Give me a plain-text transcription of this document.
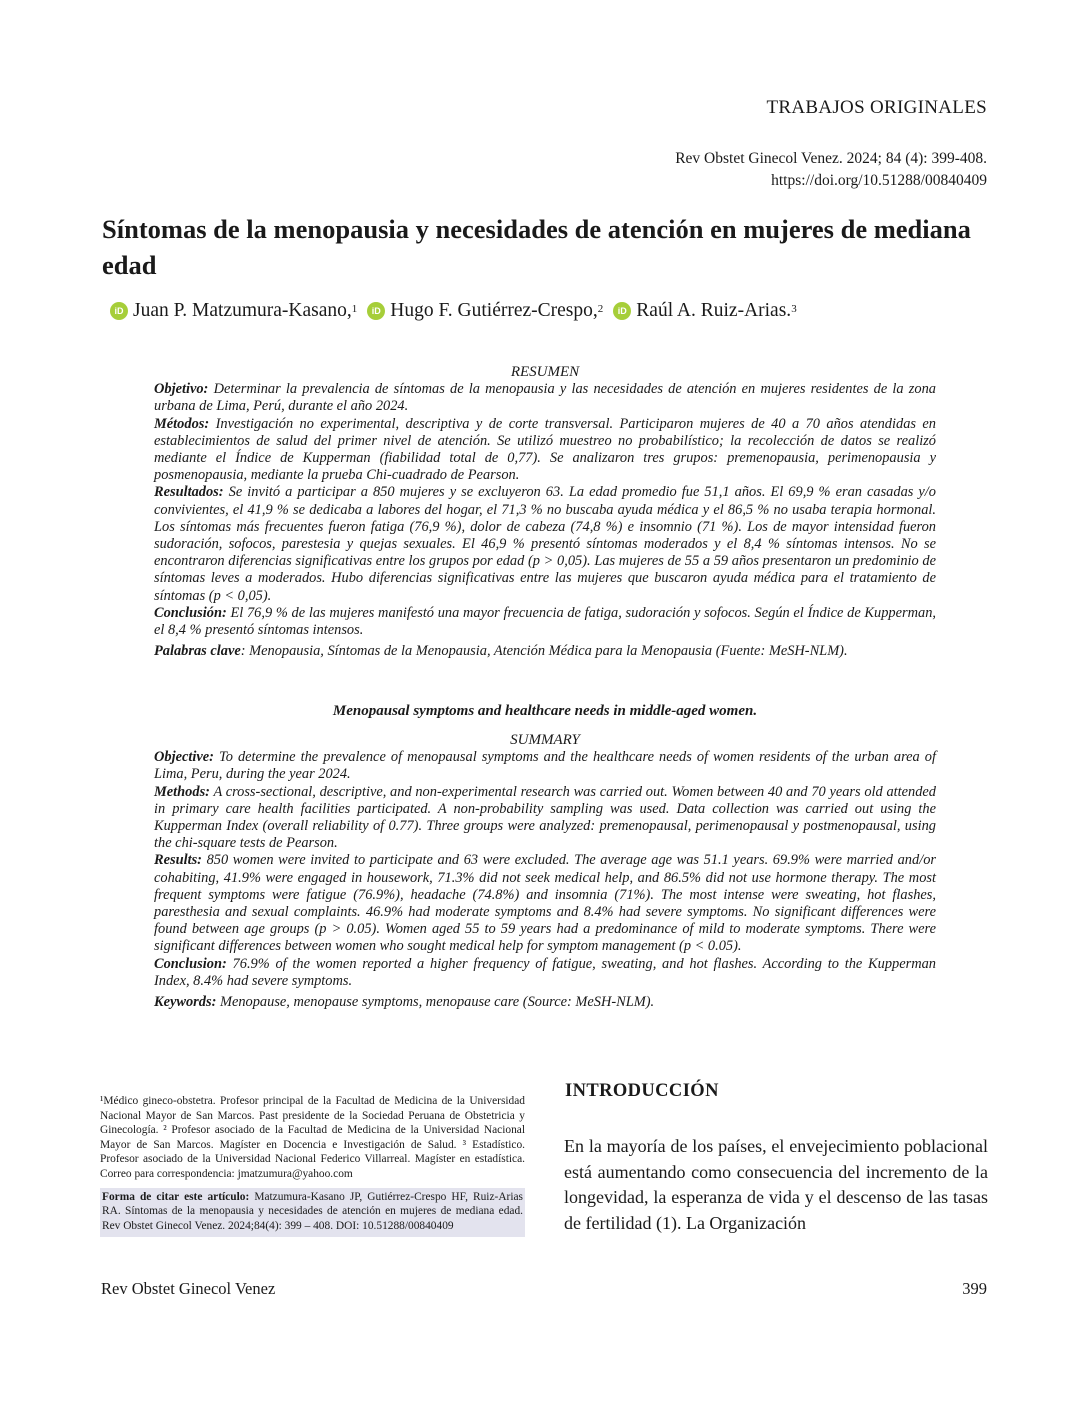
TRABAJOS ORIGINALES
Rev Obstet Ginecol Venez. 2024; 84 (4): 399-408.
https://doi.org/10.51288/00840409
Síntomas de la menopausia y necesidades de atención en mujeres de mediana edad
iD Juan P. Matzumura-Kasano,$^1$	iD Hugo F. Gutiérrez-Crespo,$^2$	iD Raúl A. Ruiz-Arias.$^3$

RESUMEN

Objetivo: Determinar la prevalencia de síntomas de la menopausia y las necesidades de atención en mujeres residentes de la zona urbana de Lima, Perú, durante el año 2024.

Métodos: Investigación no experimental, descriptiva y de corte transversal. Participaron mujeres de 40 a 70 años atendidas en establecimientos de salud del primer nivel de atención. Se utilizó muestreo no probabilístico; la recolección de datos se realizó mediante el Índice de Kupperman (fiabilidad total de 0,77). Se analizaron tres grupos: premenopausia, perimenopausia y posmenopausia, mediante la prueba Chi-cuadrado de Pearson.

Resultados: Se invitó a participar a 850 mujeres y se excluyeron 63. La edad promedio fue 51,1 años. El 69,9 % eran casadas y/o convivientes, el 41,9 % se dedicaba a labores del hogar, el 71,3 % no buscaba ayuda médica y el 86,5 % no usaba terapia hormonal. Los síntomas más frecuentes fueron fatiga (76,9 %), dolor de cabeza (74,8 %) e insomnio (71 %). Los de mayor intensidad fueron sudoración, sofocos, parestesia y quejas sexuales. El 46,9 % presentó síntomas moderados y el 8,4 % síntomas intensos. No se encontraron diferencias significativas entre los grupos por edad (p > 0,05). Las mujeres de 55 a 59 años presentaron un predominio de síntomas leves a moderados. Hubo diferencias significativas entre las mujeres que buscaron ayuda médica para el tratamiento de síntomas (p < 0,05).

Conclusión: El 76,9 % de las mujeres manifestó una mayor frecuencia de fatiga, sudoración y sofocos. Según el Índice de Kupperman, el 8,4 % presentó síntomas intensos.

Palabras clave: Menopausia, Síntomas de la Menopausia, Atención Médica para la Menopausia (Fuente: MeSH-NLM).

Menopausal symptoms and healthcare needs in middle-aged women.

SUMMARY

Objective: To determine the prevalence of menopausal symptoms and the healthcare needs of women residents of the urban area of Lima, Peru, during the year 2024.

Methods: A cross-sectional, descriptive, and non-experimental research was carried out. Women between 40 and 70 years old attended in primary care health facilities participated. A non-probability sampling was used. Data collection was carried out using the Kupperman Index (overall reliability of 0.77). Three groups were analyzed: premenopausal, perimenopausal y postmenopausal, using the chi-square tests de Pearson.

Results: 850 women were invited to participate and 63 were excluded. The average age was 51.1 years. 69.9% were married and/or cohabiting, 41.9% were engaged in housework, 71.3% did not seek medical help, and 86.5% did not use hormone therapy. The most frequent symptoms were fatigue (76.9%), headache (74.8%) and insomnia (71%). The most intense were sweating, hot flashes, paresthesia and sexual complaints. 46.9% had moderate symptoms and 8.4% had severe symptoms. No significant differences were found between age groups (p > 0.05). Women aged 55 to 59 years had a predominance of mild to moderate symptoms. There were significant differences between women who sought medical help for symptom management (p < 0.05).

Conclusion: 76.9% of the women reported a higher frequency of fatigue, sweating, and hot flashes. According to the Kupperman Index, 8.4% had severe symptoms.

Keywords: Menopause, menopause symptoms, menopause care (Source: MeSH-NLM).

¹Médico gineco-obstetra. Profesor principal de la Facultad de Medicina de la Universidad Nacional Mayor de San Marcos. Past presidente de la Sociedad Peruana de Obstetricia y Ginecología. ² Profesor asociado de la Facultad de Medicina de la Universidad Nacional Mayor de San Marcos. Magíster en Docencia e Investigación de Salud. ³ Estadístico. Profesor asociado de la Universidad Nacional Federico Villarreal. Magíster en estadística. Correo para correspondencia: jmatzumura@yahoo.com

Forma de citar este artículo: Matzumura-Kasano JP, Gutiérrez-Crespo HF, Ruiz-Arias RA. Síntomas de la menopausia y necesidades de atención en mujeres de mediana edad. Rev Obstet Ginecol Venez. 2024;84(4): 399 – 408. DOI: 10.51288/00840409
INTRODUCCIÓN
En la mayoría de los países, el envejecimiento poblacional está aumentando como consecuencia del incremento de la longevidad, la esperanza de vida y el descenso de las tasas de fertilidad (1). La Organización
Rev Obstet Ginecol Venez	399
